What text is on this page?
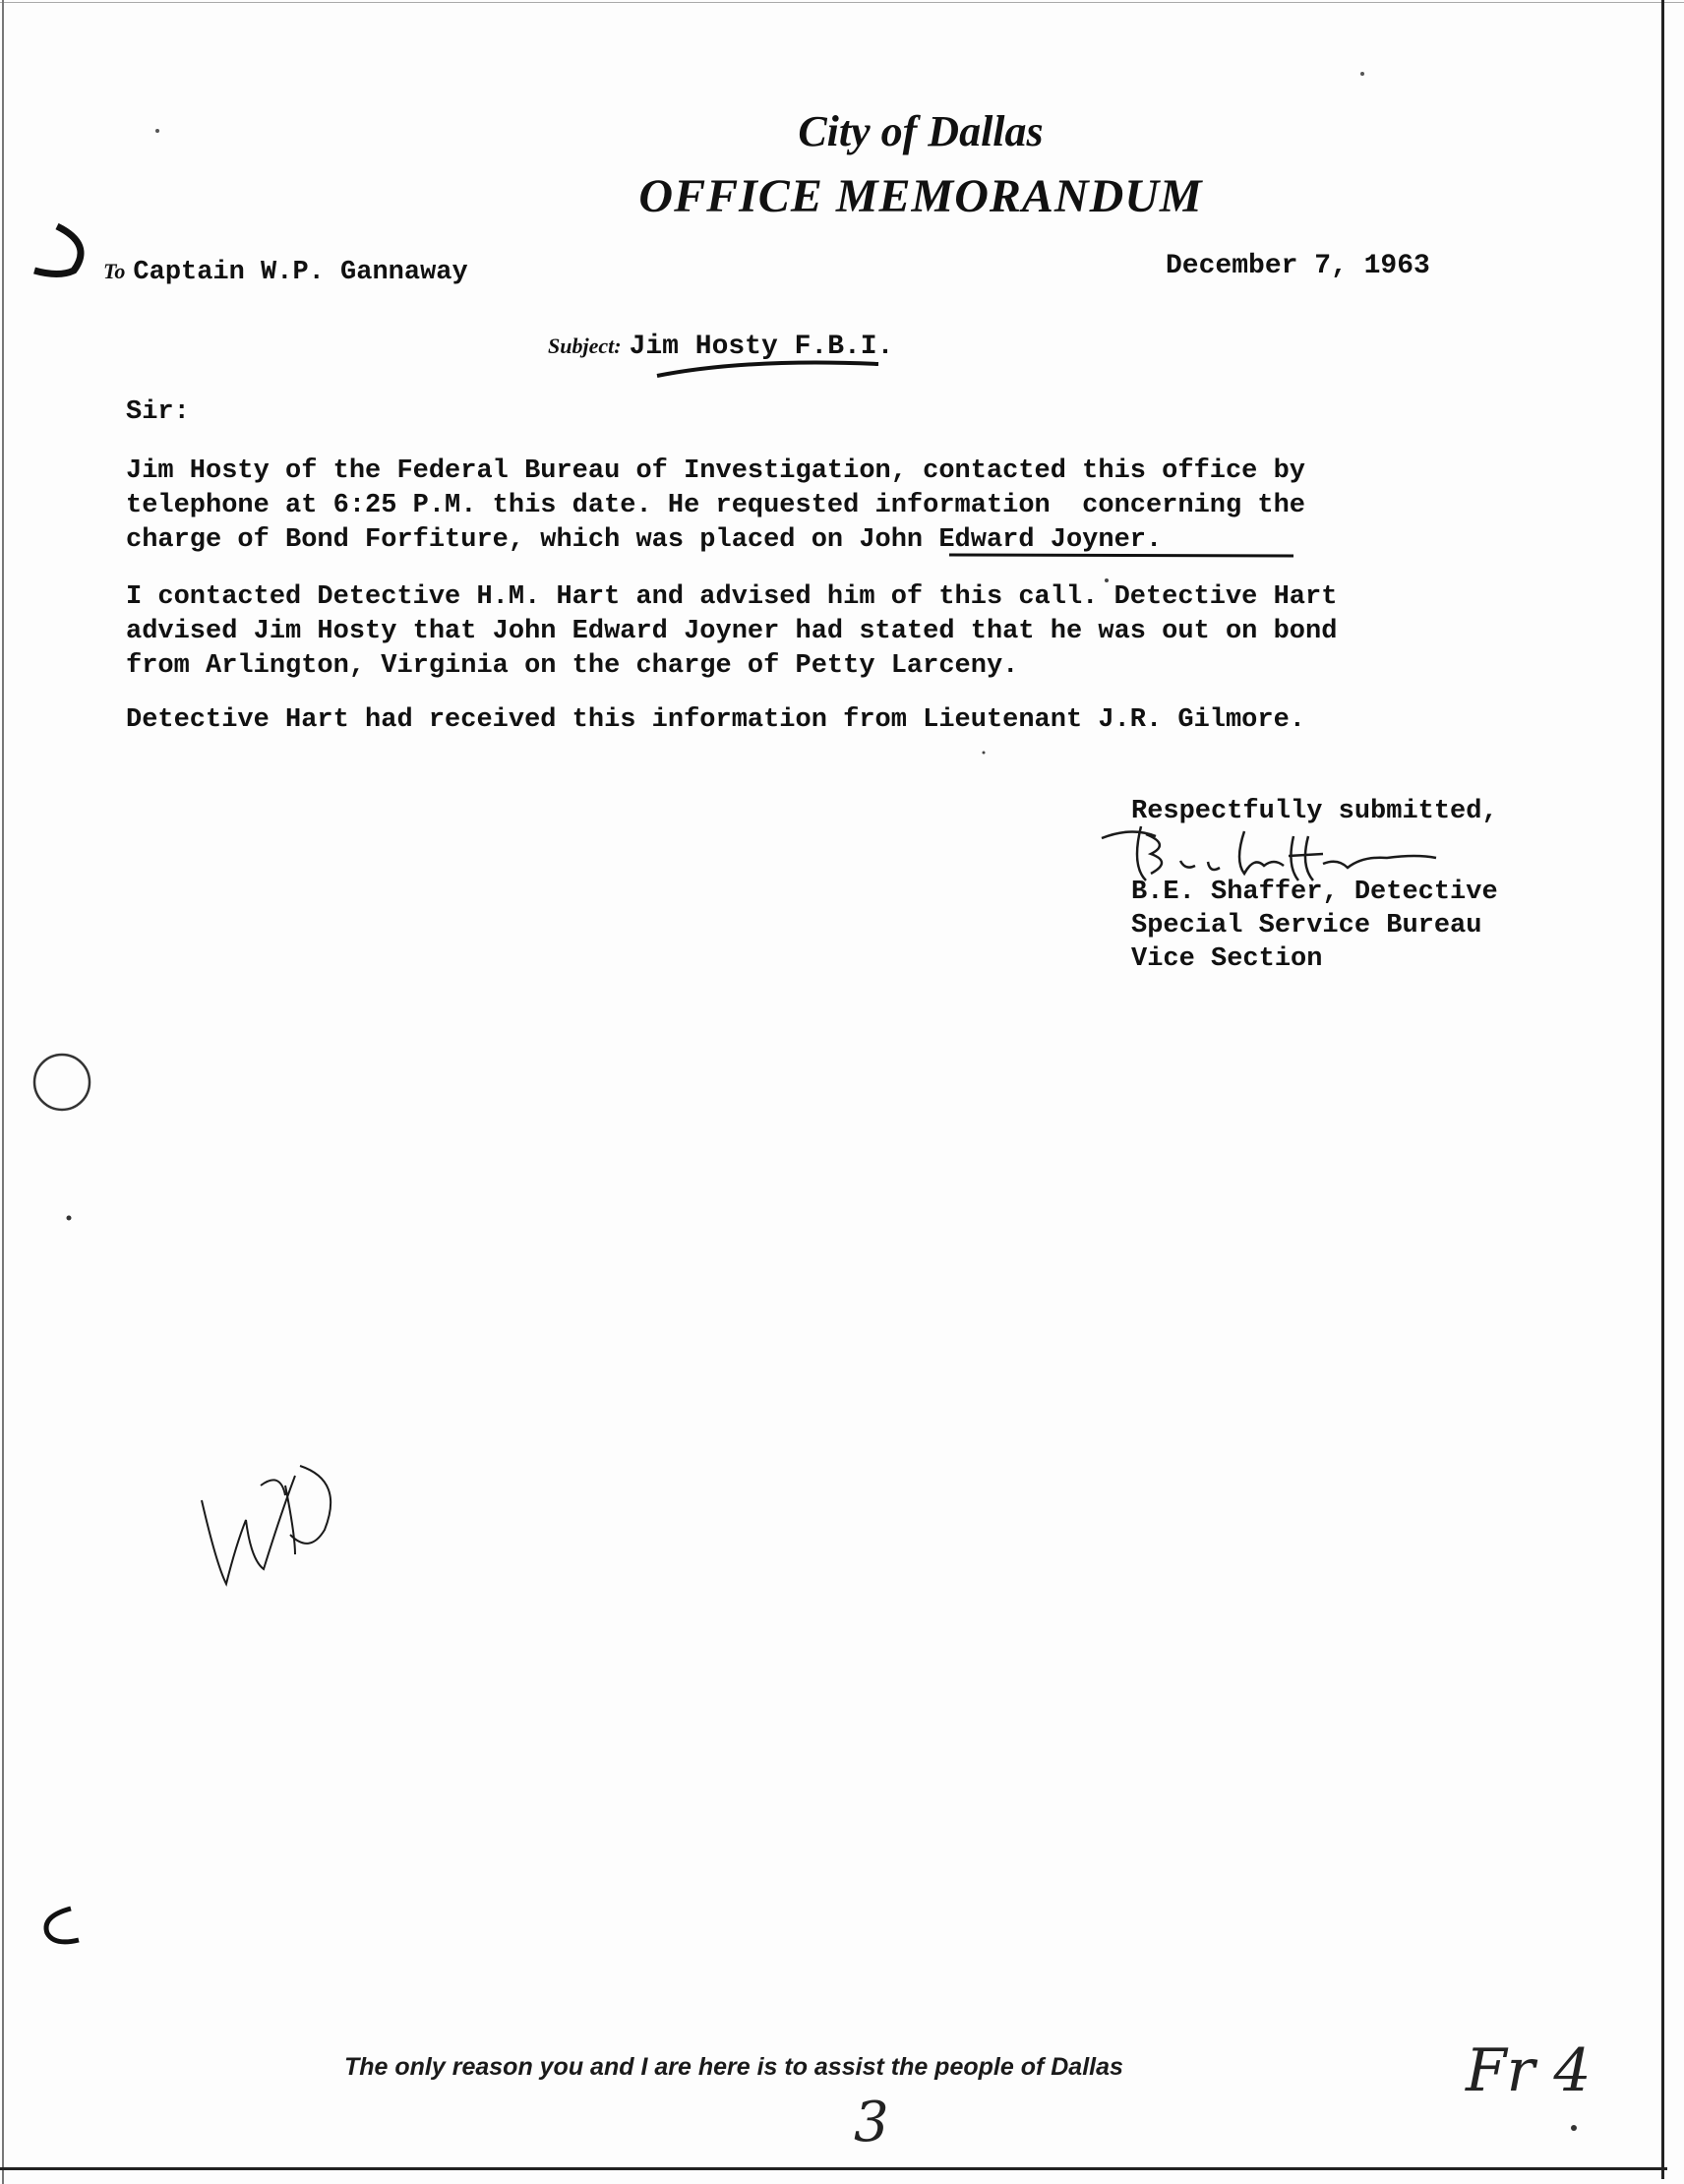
City of Dallas
OFFICE MEMORANDUM
To Captain W.P. Gannaway	December 7, 1963
Subject: Jim Hosty F.B.I.
Sir:
Jim Hosty of the Federal Bureau of Investigation, contacted this office by
telephone at 6:25 P.M. this date. He requested information  concerning the
charge of Bond Forfiture, which was placed on John Edward Joyner.
I contacted Detective H.M. Hart and advised him of this call. Detective Hart
advised Jim Hosty that John Edward Joyner had stated that he was out on bond
from Arlington, Virginia on the charge of Petty Larceny.
Detective Hart had received this information from Lieutenant J.R. Gilmore.
Respectfully submitted,
B.E. Shaffer, Detective
Special Service Bureau
Vice Section
The only reason you and I are here is to assist the people of Dallas
3
Fr 4
